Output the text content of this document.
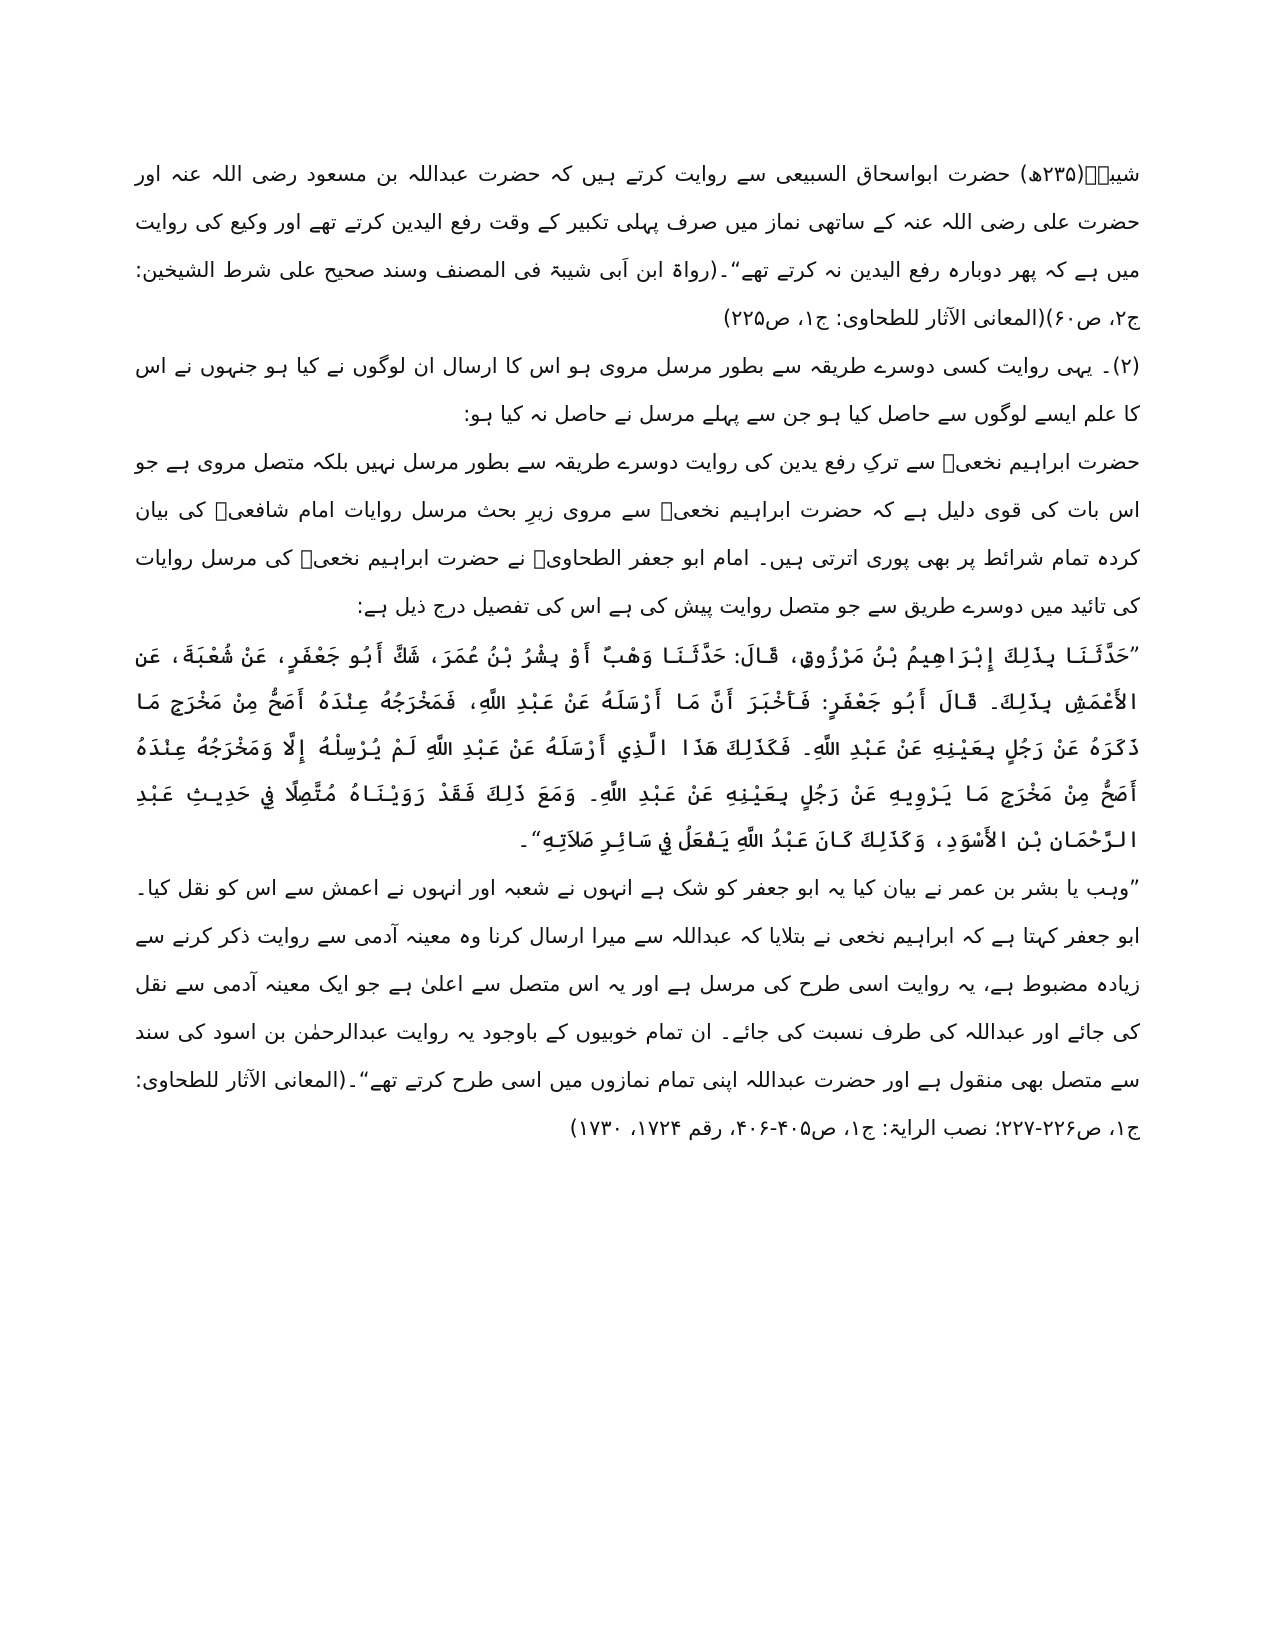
شیبہؒ(۲۳۵ھ) حضرت ابواسحاق السبیعی سے روایت کرتے ہیں کہ حضرت عبداللہ بن مسعود رضی اللہ عنہ اور حضرت علی رضی اللہ عنہ کے ساتھی نماز میں صرف پہلی تکبیر کے وقت رفع الیدین کرتے تھے اور وکیع کی روایت میں ہے کہ پھر دوبارہ رفع الیدین نہ کرتے تھے“۔(رواۃ ابن اَبی شیبۃ فی المصنف وسند صحیح علی شرط الشیخین: ج۲، ص۶۰)(المعانی الآثار للطحاوی: ج۱، ص۲۲۵)

(۲)۔ یہی روایت کسی دوسرے طریقہ سے بطور مرسل مروی ہو اس کا ارسال ان لوگوں نے کیا ہو جنہوں نے اس کا علم ایسے لوگوں سے حاصل کیا ہو جن سے پہلے مرسل نے حاصل نہ کیا ہو:

حضرت ابراہیم نخعیؒ سے ترکِ رفع یدین کی روایت دوسرے طریقہ سے بطور مرسل نہیں بلکہ متصل مروی ہے جو اس بات کی قوی دلیل ہے کہ حضرت ابراہیم نخعیؒ سے مروی زیرِ بحث مرسل روایات امام شافعیؒ کی بیان کردہ تمام شرائط پر بھی پوری اترتی ہیں۔ امام ابو جعفر الطحاویؒ نے حضرت ابراہیم نخعیؒ کی مرسل روایات کی تائید میں دوسرے طریق سے جو متصل روایت پیش کی ہے اس کی تفصیل درج ذیل ہے:

”حَدَّثَنَا بِذَلِكَ إِبْرَاهِيمُ بْنُ مَرْزُوقٍ، قَالَ: حَدَّثَنَا وَهْبٌ أَوْ بِشْرُ بْنُ عُمَرَ، شَكَّ أَبُو جَعْفَرٍ، عَنْ شُعْبَةَ، عَنِ الأَعْمَشِ بِذَلِكَ۔ قَالَ أَبُو جَعْفَرٍ: فَأَخْبَرَ أَنَّ مَا أَرْسَلَهُ عَنْ عَبْدِ اللَّهِ، فَمَخْرَجُهُ عِنْدَهُ أَصَحُّ مِنْ مَخْرَجِ مَا ذَكَرَهُ عَنْ رَجُلٍ بِعَيْنِهِ عَنْ عَبْدِ اللَّهِ۔ فَكَذَلِكَ هَذَا الَّذِي أَرْسَلَهُ عَنْ عَبْدِ اللَّهِ لَمْ يُرْسِلْهُ إِلَّا وَمَخْرَجُهُ عِنْدَهُ أَصَحُّ مِنْ مَخْرَجِ مَا يَرْوِيهِ عَنْ رَجُلٍ بِعَيْنِهِ عَنْ عَبْدِ اللَّهِ۔ وَمَعَ ذَلِكَ فَقَدْ رَوَيْنَاهُ مُتَّصِلًا فِي حَدِيثِ عَبْدِ الرَّحْمَانِ بْنِ الأَسْوَدِ، وَكَذَلِكَ كَانَ عَبْدُ اللَّهِ يَفْعَلُ فِي سَائِرِ صَلاَتِهِ“۔

”وہب یا بشر بن عمر نے بیان کیا یہ ابو جعفر کو شک ہے انہوں نے شعبہ اور انہوں نے اعمش سے اس کو نقل کیا۔ ابو جعفر کہتا ہے کہ ابراہیم نخعی نے بتلایا کہ عبداللہ سے میرا ارسال کرنا وہ معینہ آدمی سے روایت ذکر کرنے سے زیادہ مضبوط ہے، یہ روایت اسی طرح کی مرسل ہے اور یہ اس متصل سے اعلیٰ ہے جو ایک معینہ آدمی سے نقل کی جائے اور عبداللہ کی طرف نسبت کی جائے۔ ان تمام خوبیوں کے باوجود یہ روایت عبدالرحمٰن بن اسود کی سند سے متصل بھی منقول ہے اور حضرت عبداللہ اپنی تمام نمازوں میں اسی طرح کرتے تھے“۔(المعانی الآثار للطحاوی: ج۱، ص۲۲۶-۲۲۷؛ نصب الرایۃ: ج۱، ص۴۰۵-۴۰۶، رقم ۱۷۲۴، ۱۷۳۰)
